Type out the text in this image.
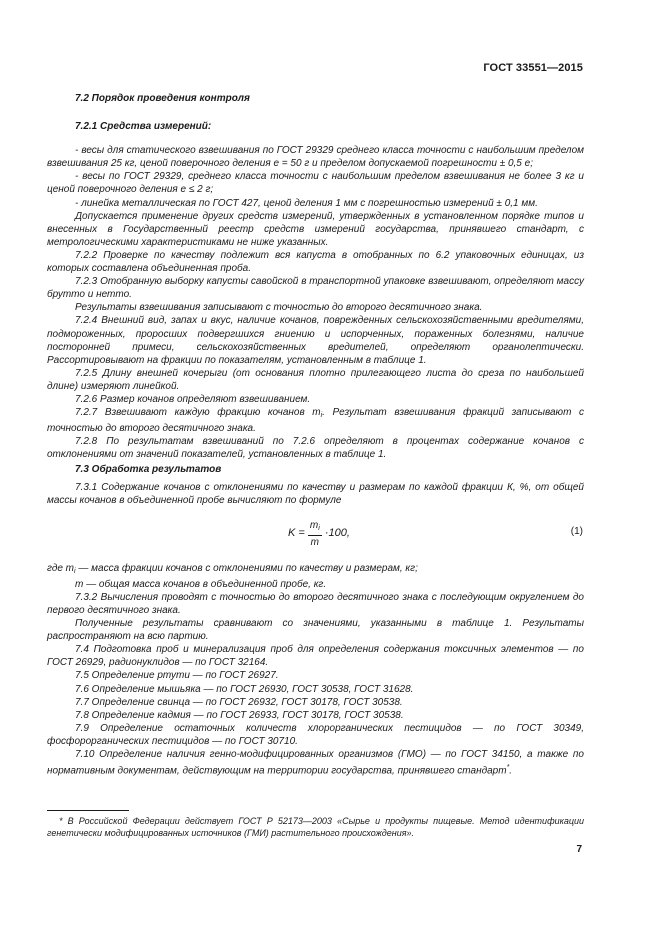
ГОСТ 33551—2015

7.2 Порядок проведения контроля

7.2.1 Средства измерений:

- весы для статического взвешивания по ГОСТ 29329 среднего класса точности с наибольшим пределом взвешивания 25 кг, ценой поверочного деления е = 50 г и пределом допускаемой погрешности ± 0,5 е;

- весы по ГОСТ 29329, среднего класса точности с наибольшим пределом взвешивания не более 3 кг и ценой поверочного деления е ≤ 2 г;

- линейка металлическая по ГОСТ 427, ценой деления 1 мм с погрешностью измерений ± 0,1 мм.

Допускается применение других средств измерений, утвержденных в установленном порядке типов и внесенных в Государственный реестр средств измерений государства, принявшего стандарт, с метрологическими характеристиками не ниже указанных.

7.2.2 Проверке по качеству подлежит вся капуста в отобранных по 6.2 упаковочных единицах, из которых составлена объединенная проба.

7.2.3 Отобранную выборку капусты савойской в транспортной упаковке взвешивают, определяют массу брутто и нетто.

Результаты взвешивания записывают с точностью до второго десятичного знака.

7.2.4 Внешний вид, запах и вкус, наличие кочанов, поврежденных сельскохозяйственными вредителями, подмороженных, проросших подвергшихся гниению и испорченных, пораженных болезнями, наличие посторонней примеси, сельскохозяйственных вредителей, определяют органолептически. Рассортировывают на фракции по показателям, установленным в таблице 1.

7.2.5 Длину внешней кочерыги (от основания плотно прилегающего листа до среза по наибольшей длине) измеряют линейкой.

7.2.6 Размер кочанов определяют взвешиванием.

7.2.7 Взвешивают каждую фракцию кочанов $m_i$. Результат взвешивания фракций записывают с точностью до второго десятичного знака.

7.2.8 По результатам взвешиваний по 7.2.6 определяют в процентах содержание кочанов с отклонениями от значений показателей, установленных в таблице 1.

7.3 Обработка результатов

7.3.1 Содержание кочанов с отклонениями по качеству и размерам по каждой фракции К, %, от общей массы кочанов в объединенной пробе вычисляют по формуле

$K = \frac{m_i}{m} \cdot 100$,	(1)

где $m_i$ — масса фракции кочанов с отклонениями по качеству и размерам, кг;

m — общая масса кочанов в объединенной пробе, кг.

7.3.2 Вычисления проводят с точностью до второго десятичного знака с последующим округлением до первого десятичного знака.

Полученные результаты сравнивают со значениями, указанными в таблице 1. Результаты распространяют на всю партию.

7.4 Подготовка проб и минерализация проб для определения содержания токсичных элементов — по ГОСТ 26929, радионуклидов — по ГОСТ 32164.

7.5 Определение ртути — по ГОСТ 26927.

7.6 Определение мышьяка — по ГОСТ 26930, ГОСТ 30538, ГОСТ 31628.

7.7 Определение свинца — по ГОСТ 26932, ГОСТ 30178, ГОСТ 30538.

7.8 Определение кадмия — по ГОСТ 26933, ГОСТ 30178, ГОСТ 30538.

7.9 Определение остаточных количеств хлорорганических пестицидов — по ГОСТ 30349, фосфорорганических пестицидов — по ГОСТ 30710.

7.10 Определение наличия генно-модифицированных организмов (ГМО) — по ГОСТ 34150, а также по нормативным документам, действующим на территории государства, принявшего стандарт*.

* В Российской Федерации действует ГОСТ Р 52173—2003 «Сырье и продукты пищевые. Метод идентификации генетически модифицированных источников (ГМИ) растительного происхождения».

7
